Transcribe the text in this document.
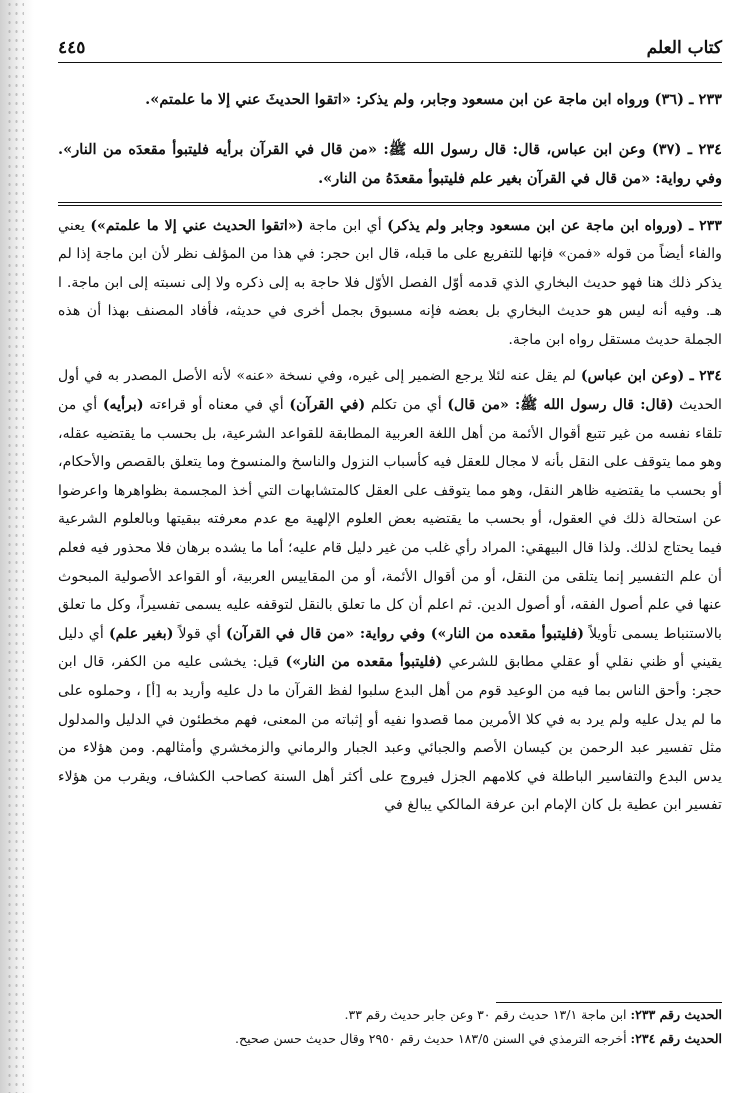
كتاب العلم
٤٤٥

٢٣٣ ـ (٣٦) ورواه ابن ماجة عن ابن مسعود وجابر، ولم يذكر: «اتقوا الحديثَ عني إلا ما علمتم».

٢٣٤ ـ (٣٧) وعن ابن عباس، قال: قال رسول الله ﷺ: «من قال في القرآن برأيه فليتبوأ مقعدَه من النار». وفي رواية: «من قال في القرآن بغير علم فليتبوأ مقعدَهُ من النار».

٢٣٣ ـ (ورواه ابن ماجة عن ابن مسعود وجابر ولم يذكر) أي ابن ماجة («اتقوا الحديث عني إلا ما علمتم») يعني والفاء أيضاً من قوله «فمن» فإنها للتفريع على ما قبله، قال ابن حجر: في هذا من المؤلف نظر لأن ابن ماجة إذا لم يذكر ذلك هنا فهو حديث البخاري الذي قدمه أوّل الفصل الأوّل فلا حاجة به إلى ذكره ولا إلى نسبته إلى ابن ماجة. ا هـ. وفيه أنه ليس هو حديث البخاري بل بعضه فإنه مسبوق بجمل أخرى في حديثه، فأفاد المصنف بهذا أن هذه الجملة حديث مستقل رواه ابن ماجة.

٢٣٤ ـ (وعن ابن عباس) لم يقل عنه لئلا يرجع الضمير إلى غيره، وفي نسخة «عنه» لأنه الأصل المصدر به في أول الحديث (قال: قال رسول الله ﷺ: «من قال) أي من تكلم (في القرآن) أي في معناه أو قراءته (برأيه) أي من تلقاء نفسه من غير تتبع أقوال الأئمة من أهل اللغة العربية المطابقة للقواعد الشرعية، بل بحسب ما يقتضيه عقله، وهو مما يتوقف على النقل بأنه لا مجال للعقل فيه كأسباب النزول والناسخ والمنسوخ وما يتعلق بالقصص والأحكام، أو بحسب ما يقتضيه ظاهر النقل، وهو مما يتوقف على العقل كالمتشابهات التي أخذ المجسمة بظواهرها واعرضوا عن استحالة ذلك في العقول، أو بحسب ما يقتضيه بعض العلوم الإلهية مع عدم معرفته ببقيتها وبالعلوم الشرعية فيما يحتاج لذلك. ولذا قال البيهقي: المراد رأي غلب من غير دليل قام عليه؛ أما ما يشده برهان فلا محذور فيه فعلم أن علم التفسير إنما يتلقى من النقل، أو من أقوال الأئمة، أو من المقاييس العربية، أو القواعد الأصولية المبحوث عنها في علم أصول الفقه، أو أصول الدين. ثم اعلم أن كل ما تعلق بالنقل لتوقفه عليه يسمى تفسيراً، وكل ما تعلق بالاستنباط يسمى تأويلاً (فليتبوأ مقعده من النار») وفي رواية: «من قال في القرآن) أي قولاً (بغير علم) أي دليل يقيني أو ظني نقلي أو عقلي مطابق للشرعي (فليتبوأ مقعده من النار») قيل: يخشى عليه من الكفر، قال ابن حجر: وأحق الناس بما فيه من الوعيد قوم من أهل البدع سلبوا لفظ القرآن ما دل عليه وأريد به [أ] ، وحملوه على ما لم يدل عليه ولم يرد به في كلا الأمرين مما قصدوا نفيه أو إثباته من المعنى، فهم مخطئون في الدليل والمدلول مثل تفسير عبد الرحمن بن كيسان الأصم والجبائي وعبد الجبار والرماني والزمخشري وأمثالهم. ومن هؤلاء من يدس البدع والتفاسير الباطلة في كلامهم الجزل فيروج على أكثر أهل السنة كصاحب الكشاف، ويقرب من هؤلاء تفسير ابن عطية بل كان الإمام ابن عرفة المالكي يبالغ في

الحديث رقم ٢٣٣: ابن ماجة ١٣/١ حديث رقم ٣٠ وعن جابر حديث رقم ٣٣.

الحديث رقم ٢٣٤: أخرجه الترمذي في السنن ١٨٣/٥ حديث رقم ٢٩٥٠ وقال حديث حسن صحيح.
